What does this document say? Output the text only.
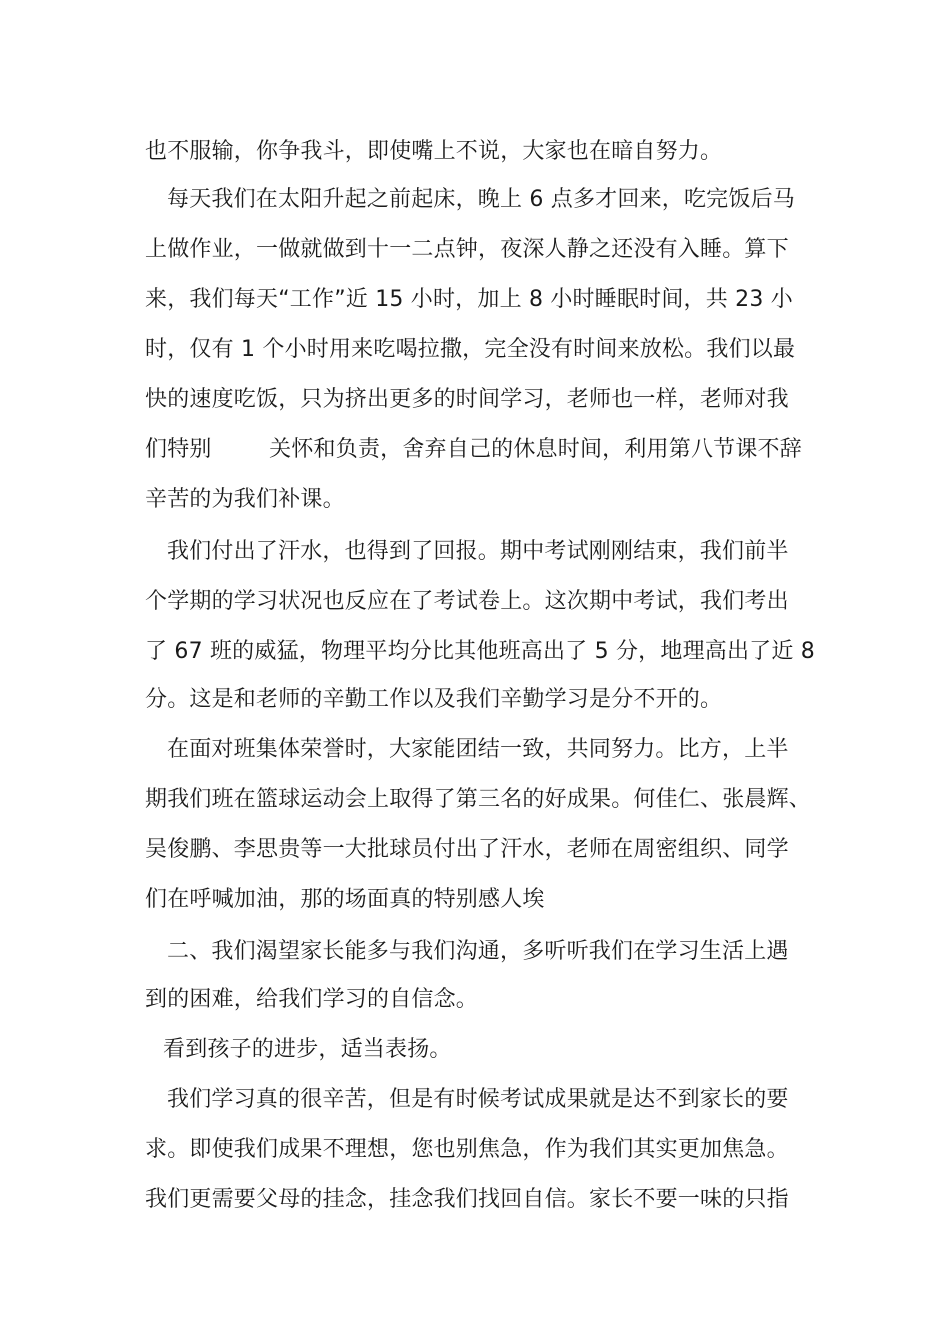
也不服输，你争我斗，即使嘴上不说，大家也在暗自努力。
每天我们在太阳升起之前起床，晚上 6 点多才回来，吃完饭后马
上做作业，一做就做到十一二点钟，夜深人静之还没有入睡。算下
来，我们每天“工作”近 15 小时，加上 8 小时睡眠时间，共 23 小
时，仅有 1 个小时用来吃喝拉撒，完全没有时间来放松。我们以最
快的速度吃饭，只为挤出更多的时间学习，老师也一样，老师对我
们特别        关怀和负责，舍弃自己的休息时间，利用第八节课不辞
辛苦的为我们补课。
我们付出了汗水，也得到了回报。期中考试刚刚结束，我们前半
个学期的学习状况也反应在了考试卷上。这次期中考试，我们考出
了 67 班的威猛，物理平均分比其他班高出了 5 分，地理高出了近 8
分。这是和老师的辛勤工作以及我们辛勤学习是分不开的。
在面对班集体荣誉时，大家能团结一致，共同努力。比方，上半
期我们班在篮球运动会上取得了第三名的好成果。何佳仁、张晨辉、
吴俊鹏、李思贵等一大批球员付出了汗水，老师在周密组织、同学
们在呼喊加油，那的场面真的特别感人埃
二、我们渴望家长能多与我们沟通，多听听我们在学习生活上遇
到的困难，给我们学习的自信念。
看到孩子的进步，适当表扬。
我们学习真的很辛苦，但是有时候考试成果就是达不到家长的要
求。即使我们成果不理想，您也别焦急，作为我们其实更加焦急。
我们更需要父母的挂念，挂念我们找回自信。家长不要一味的只指
